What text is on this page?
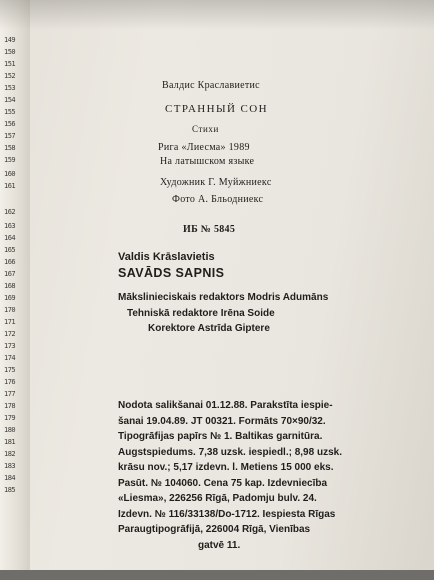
149
150
151
152
153
154
155
156
157
158
159
160
161
162
163
164
165
166
167
168
169
170
171
172
173
174
175
176
177
178
179
180
181
182
183
184
185
Валдис Краславиетис
СТРАННЫЙ СОН
Стихи
Рига «Лиесма» 1989
На латышском языке
Художник Г. Муйжниекс
Фото А. Бльодниекс
ИБ № 5845
Valdis Krāslavietis
SAVĀDS SAPNIS
Mākslinieciskais redaktors Modris Adumāns
Tehniskā redaktore Irēna Soide
Korektore Astrīda Giptere
Nodota salikšanai 01.12.88. Parakstīta iespie-
šanai 19.04.89. JT 00321. Formāts 70×90/32.
Tipogrāfijas papīrs № 1. Baltikas garnitūra.
Augstspiedums. 7,38 uzsk. iespiedl.; 8,98 uzsk.
krāsu nov.; 5,17 izdevn. l. Metiens 15 000 eks.
Pasūt. № 104060. Cena 75 kap. Izdevniecība
«Liesma», 226256 Rīgā, Padomju bulv. 24.
Izdevn. № 116/33138/Do-1712. Iespiesta Rīgas
Paraugtipogrāfijā, 226004 Rīgā, Vienības
gatvē 11.
